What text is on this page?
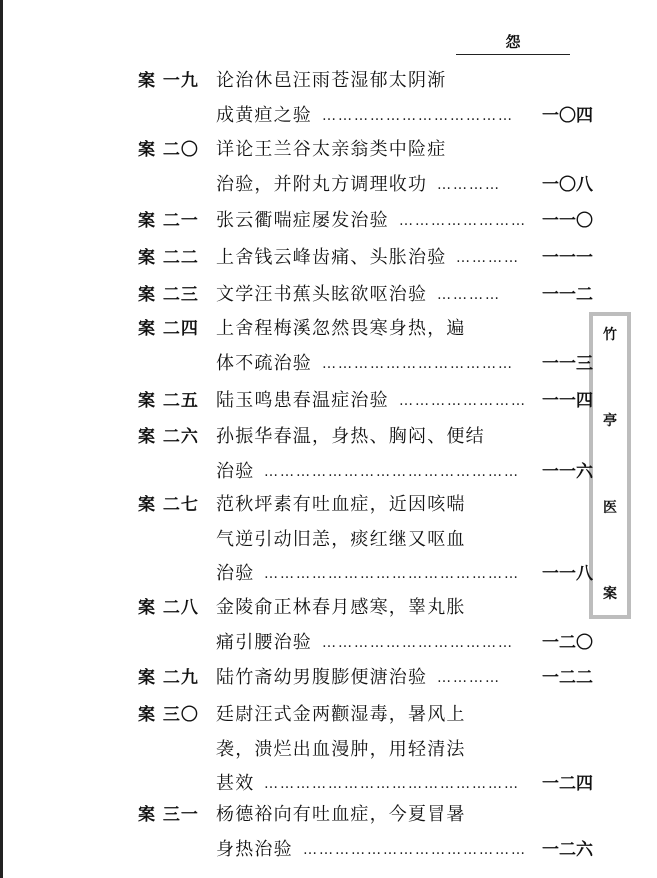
怨
竹
亭
医
案
案 一九 论治休邑汪雨苍湿郁太阴渐
成黄疸之验 ……………………………… 一〇四
案 二〇 详论王兰谷太亲翁类中险症
治验，并附丸方调理收功 ………… 一〇八
案 二一 张云衢喘症屡发治验 …………………… 一一〇
案 二二 上舍钱云峰齿痛、头胀治验 ………… 一一一
案 二三 文学汪书蕉头眩欲呕治验 ………… 一一二
案 二四 上舍程梅溪忽然畏寒身热，遍
体不疏治验 ……………………………… 一一三
案 二五 陆玉鸣患春温症治验 …………………… 一一四
案 二六 孙振华春温，身热、胸闷、便结
治验 ………………………………………… 一一六
案 二七 范秋坪素有吐血症，近因咳喘
气逆引动旧恙，痰红继又呕血
治验 ………………………………………… 一一八
案 二八 金陵俞正林春月感寒，睾丸胀
痛引腰治验 ……………………………… 一二〇
案 二九 陆竹斋幼男腹膨便溏治验 ………… 一二二
案 三〇 廷尉汪式金两颧湿毒，暑风上
袭，溃烂出血漫肿，用轻清法
甚效 ………………………………………… 一二四
案 三一 杨德裕向有吐血症，今夏冒暑
身热治验 …………………………………… 一二六
